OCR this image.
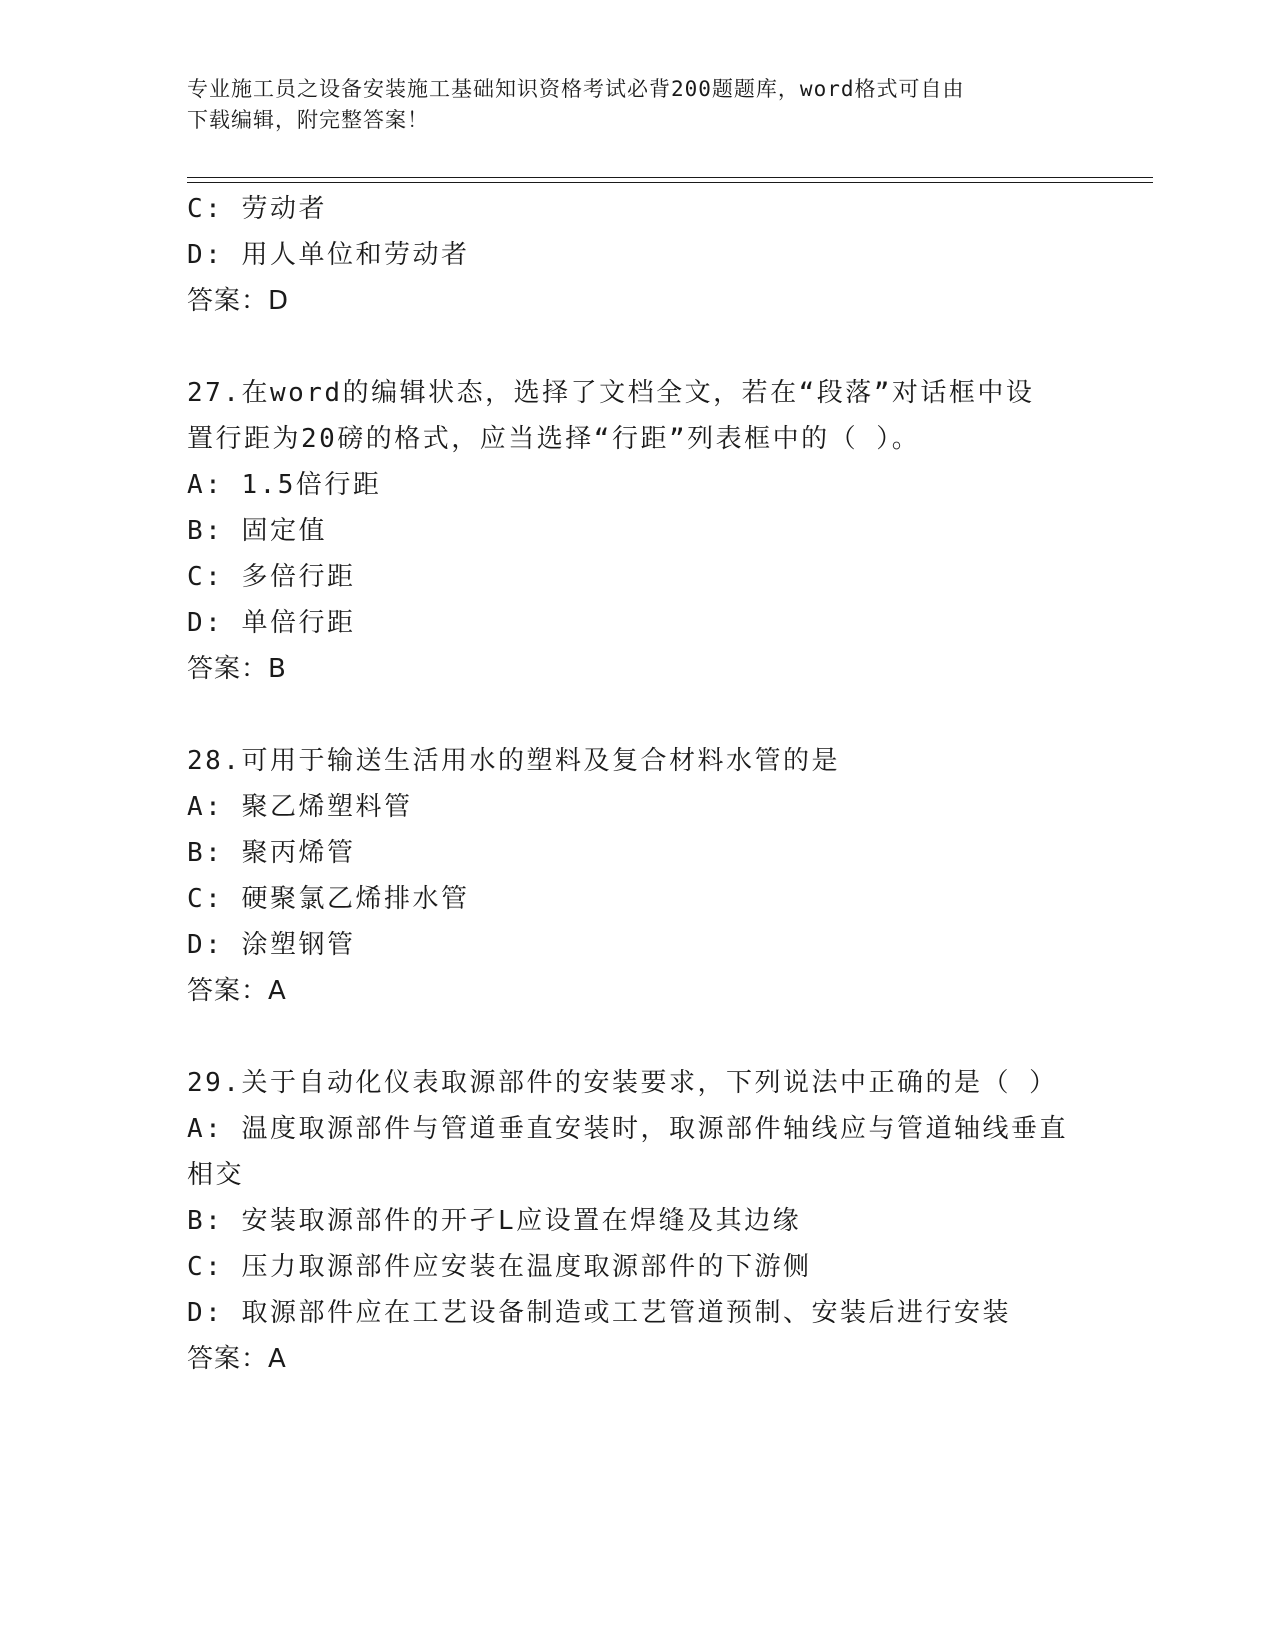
专业施工员之设备安装施工基础知识资格考试必背200题题库，word格式可自由
下载编辑，附完整答案！
C: 劳动者
D: 用人单位和劳动者
答案：D
27.在word的编辑状态，选择了文档全文，若在“段落”对话框中设
置行距为20磅的格式，应当选择“行距”列表框中的（ ）。
A: 1.5倍行距
B: 固定值
C: 多倍行距
D: 单倍行距
答案：B
28.可用于输送生活用水的塑料及复合材料水管的是
A: 聚乙烯塑料管
B: 聚丙烯管
C: 硬聚氯乙烯排水管
D: 涂塑钢管
答案：A
29.关于自动化仪表取源部件的安装要求，下列说法中正确的是（ ）
A: 温度取源部件与管道垂直安装时，取源部件轴线应与管道轴线垂直
相交
B: 安装取源部件的开孑L应设置在焊缝及其边缘
C: 压力取源部件应安装在温度取源部件的下游侧
D: 取源部件应在工艺设备制造或工艺管道预制、安装后进行安装
答案：A
